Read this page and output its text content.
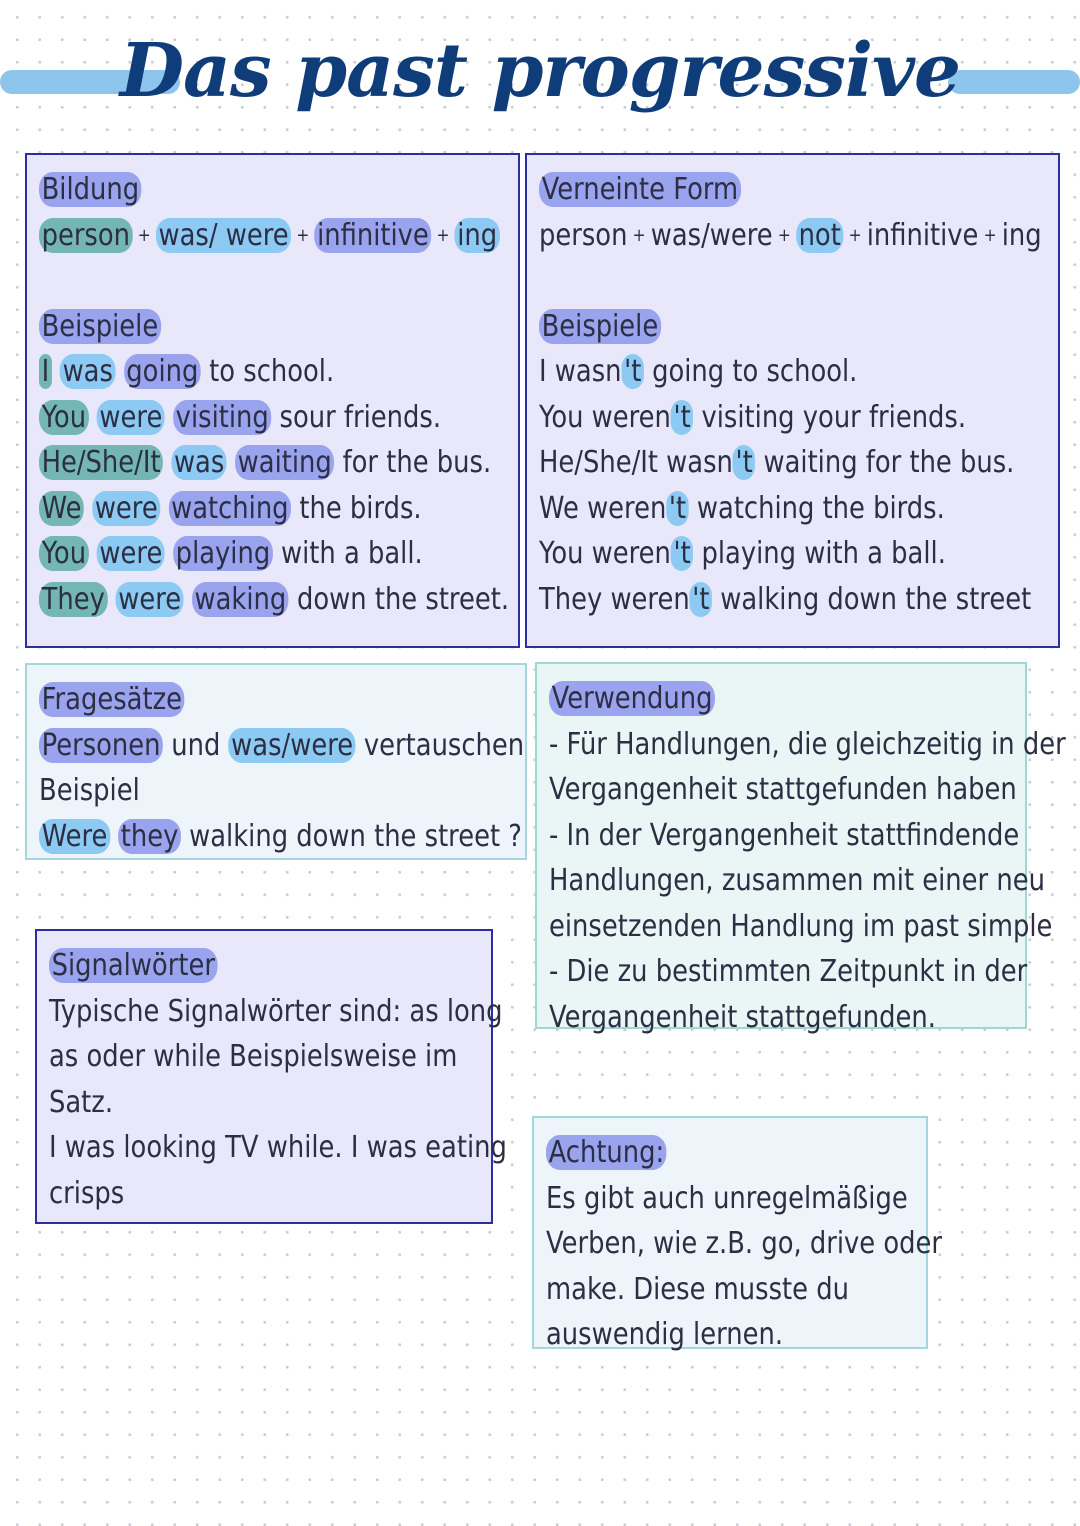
Das past progressive
Bildung
person + was/ were + infinitive + ing
Beispiele
I was going to school.
You were visiting sour friends.
He/She/It was waiting for the bus.
We were watching the birds.
You were playing with a ball.
They were waking down the street.
Verneinte Form
person + was/were + not + infinitive + ing
Beispiele
I wasn't going to school.
You weren't visiting your friends.
He/She/It wasn't waiting for the bus.
We weren't watching the birds.
You weren't playing with a ball.
They weren't walking down the street
Fragesätze
Personen und was/were vertauschen
Beispiel
Were they walking down the street ?
Verwendung
- Für Handlungen, die gleichzeitig in der
Vergangenheit stattgefunden haben
- In der Vergangenheit stattfindende
Handlungen, zusammen mit einer neu
einsetzenden Handlung im past simple
- Die zu bestimmten Zeitpunkt in der
Vergangenheit stattgefunden.
Signalwörter
Typische Signalwörter sind: as long
as oder while Beispielsweise im
Satz.
I was looking TV while. I was eating
crisps
Achtung:
Es gibt auch unregelmäßige
Verben, wie z.B. go, drive oder
make. Diese musste du
auswendig lernen.
